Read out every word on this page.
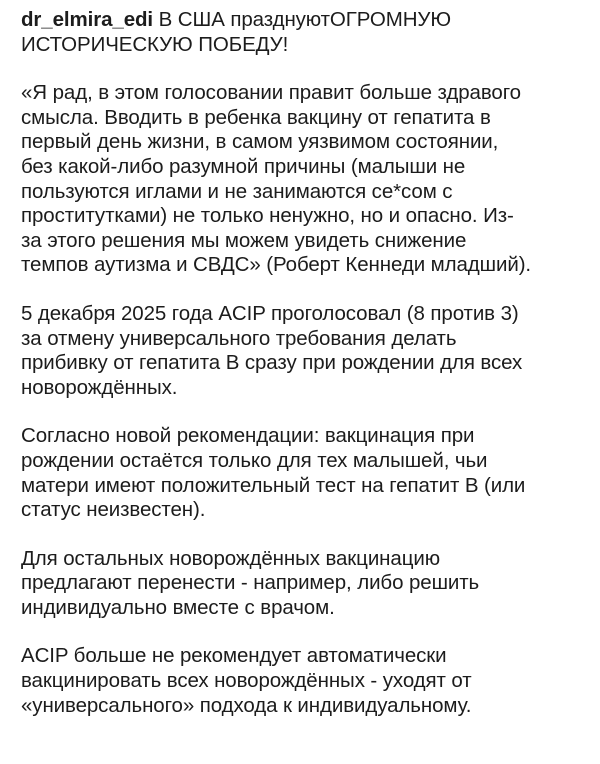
dr_elmira_edi В США празднуютОГРОМНУЮ
ИСТОРИЧЕСКУЮ ПОБЕДУ!

«Я рад, в этом голосовании правит больше здравого
смысла. Вводить в ребенка вакцину от гепатита в
первый день жизни, в самом уязвимом состоянии,
без какой-либо разумной причины (малыши не
пользуются иглами и не занимаются се*сом с
проститутками) не только ненужно, но и опасно. Из-
за этого решения мы можем увидеть снижение
темпов аутизма и СВДС» (Роберт Кеннеди младший).

5 декабря 2025 года ACIP проголосовал (8 против 3)
за отмену универсального требования делать
прибивку от гепатита В сразу при рождении для всех
новорождённых.

Согласно новой рекомендации: вакцинация при
рождении остаётся только для тех малышей, чьи
матери имеют положительный тест на гепатит В (или
статус неизвестен).

Для остальных новорождённых вакцинацию
предлагают перенести - например, либо решить
индивидуально вместе с врачом.

ACIP больше не рекомендует автоматически
вакцинировать всех новорождённых - уходят от
«универсального» подхода к индивидуальному.
